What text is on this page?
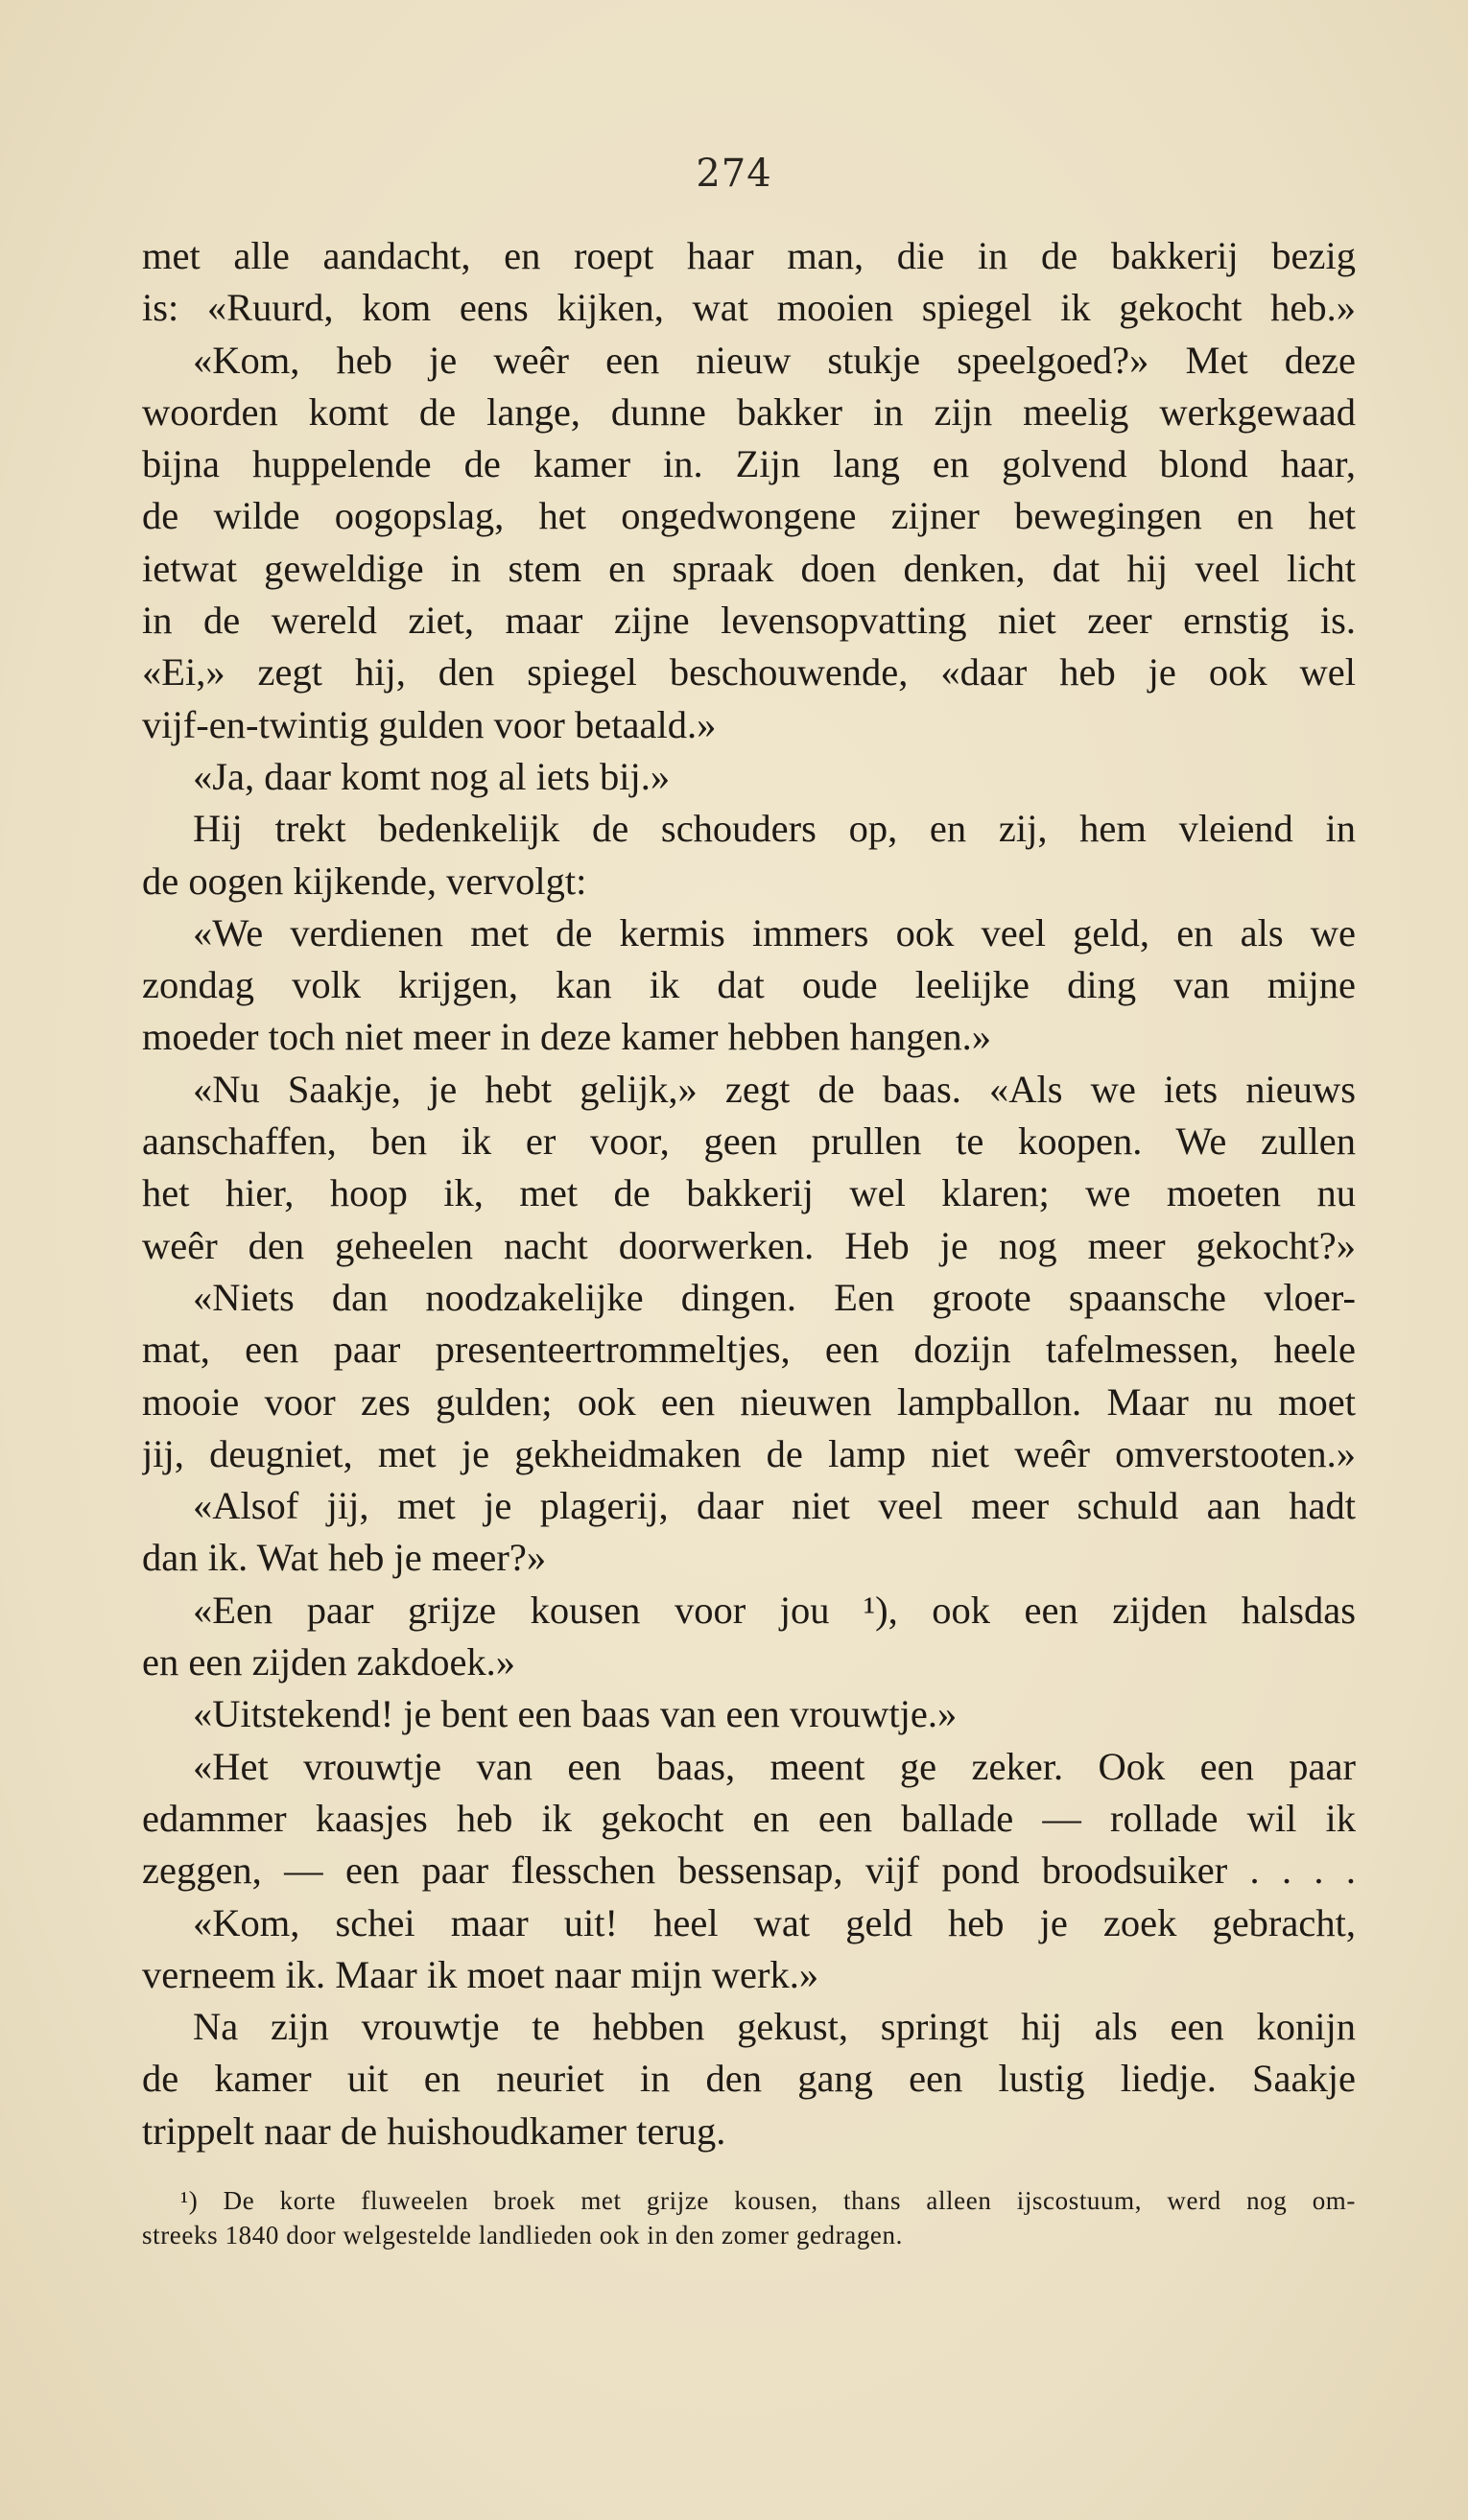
274
met alle aandacht, en roept haar man, die in de bakkerij bezig
is: «Ruurd, kom eens kijken, wat mooien spiegel ik gekocht heb.»
«Kom, heb je weêr een nieuw stukje speelgoed?» Met deze
woorden komt de lange, dunne bakker in zijn meelig werkgewaad
bijna huppelende de kamer in. Zijn lang en golvend blond haar,
de wilde oogopslag, het ongedwongene zijner bewegingen en het
ietwat geweldige in stem en spraak doen denken, dat hij veel licht
in de wereld ziet, maar zijne levensopvatting niet zeer ernstig is.
«Ei,» zegt hij, den spiegel beschouwende, «daar heb je ook wel
vijf-en-twintig gulden voor betaald.»
«Ja, daar komt nog al iets bij.»
Hij trekt bedenkelijk de schouders op, en zij, hem vleiend in
de oogen kijkende, vervolgt:
«We verdienen met de kermis immers ook veel geld, en als we
zondag volk krijgen, kan ik dat oude leelijke ding van mijne
moeder toch niet meer in deze kamer hebben hangen.»
«Nu Saakje, je hebt gelijk,» zegt de baas. «Als we iets nieuws
aanschaffen, ben ik er voor, geen prullen te koopen. We zullen
het hier, hoop ik, met de bakkerij wel klaren; we moeten nu
weêr den geheelen nacht doorwerken. Heb je nog meer gekocht?»
«Niets dan noodzakelijke dingen. Een groote spaansche vloer-
mat, een paar presenteertrommeltjes, een dozijn tafelmessen, heele
mooie voor zes gulden; ook een nieuwen lampballon. Maar nu moet
jij, deugniet, met je gekheidmaken de lamp niet weêr omverstooten.»
«Alsof jij, met je plagerij, daar niet veel meer schuld aan hadt
dan ik. Wat heb je meer?»
«Een paar grijze kousen voor jou ¹), ook een zijden halsdas
en een zijden zakdoek.»
«Uitstekend! je bent een baas van een vrouwtje.»
«Het vrouwtje van een baas, meent ge zeker. Ook een paar
edammer kaasjes heb ik gekocht en een ballade — rollade wil ik
zeggen, — een paar flesschen bessensap, vijf pond broodsuiker . . . .
«Kom, schei maar uit! heel wat geld heb je zoek gebracht,
verneem ik. Maar ik moet naar mijn werk.»
Na zijn vrouwtje te hebben gekust, springt hij als een konijn
de kamer uit en neuriet in den gang een lustig liedje. Saakje
trippelt naar de huishoudkamer terug.
¹) De korte fluweelen broek met grijze kousen, thans alleen ijscostuum, werd nog om-
streeks 1840 door welgestelde landlieden ook in den zomer gedragen.
